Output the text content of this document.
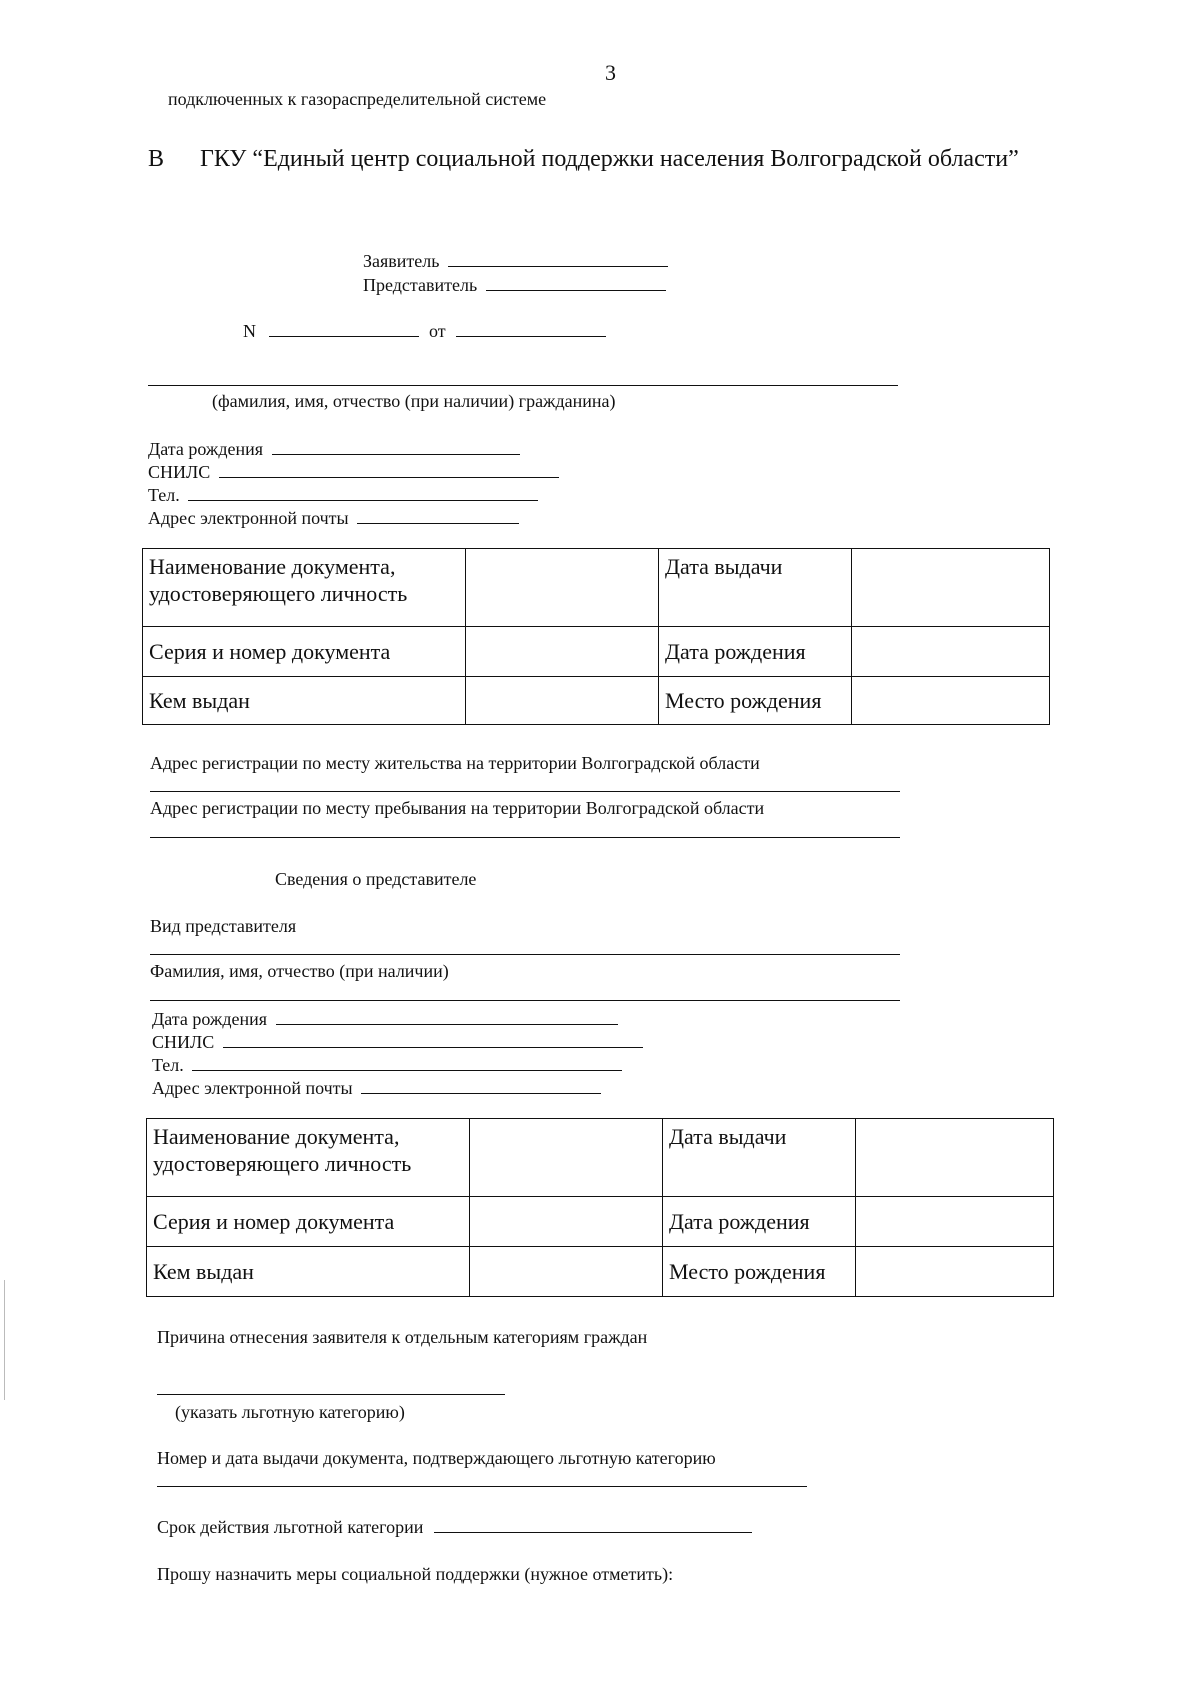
3
подключенных к газораспределительной системе
В ГКУ “Единый центр социальной поддержки населения Волгоградской области”
Заявитель
Представитель
N	от
(фамилия, имя, отчество (при наличии) гражданина)
Дата рождения
СНИЛС
Тел.
Адрес электронной почты
Наименование документа, удостоверяющего личность		Дата выдачи	
Серия и номер документа		Дата рождения	
Кем выдан		Место рождения	
Адрес регистрации по месту жительства на территории Волгоградской области
Адрес регистрации по месту пребывания на территории Волгоградской области
Сведения о представителе
Вид представителя
Фамилия, имя, отчество (при наличии)
Дата рождения
СНИЛС
Тел.
Адрес электронной почты
Наименование документа, удостоверяющего личность		Дата выдачи	
Серия и номер документа		Дата рождения	
Кем выдан		Место рождения	
Причина отнесения заявителя к отдельным категориям граждан
(указать льготную категорию)
Номер и дата выдачи документа, подтверждающего льготную категорию
Срок действия льготной категории
Прошу назначить меры социальной поддержки (нужное отметить):
